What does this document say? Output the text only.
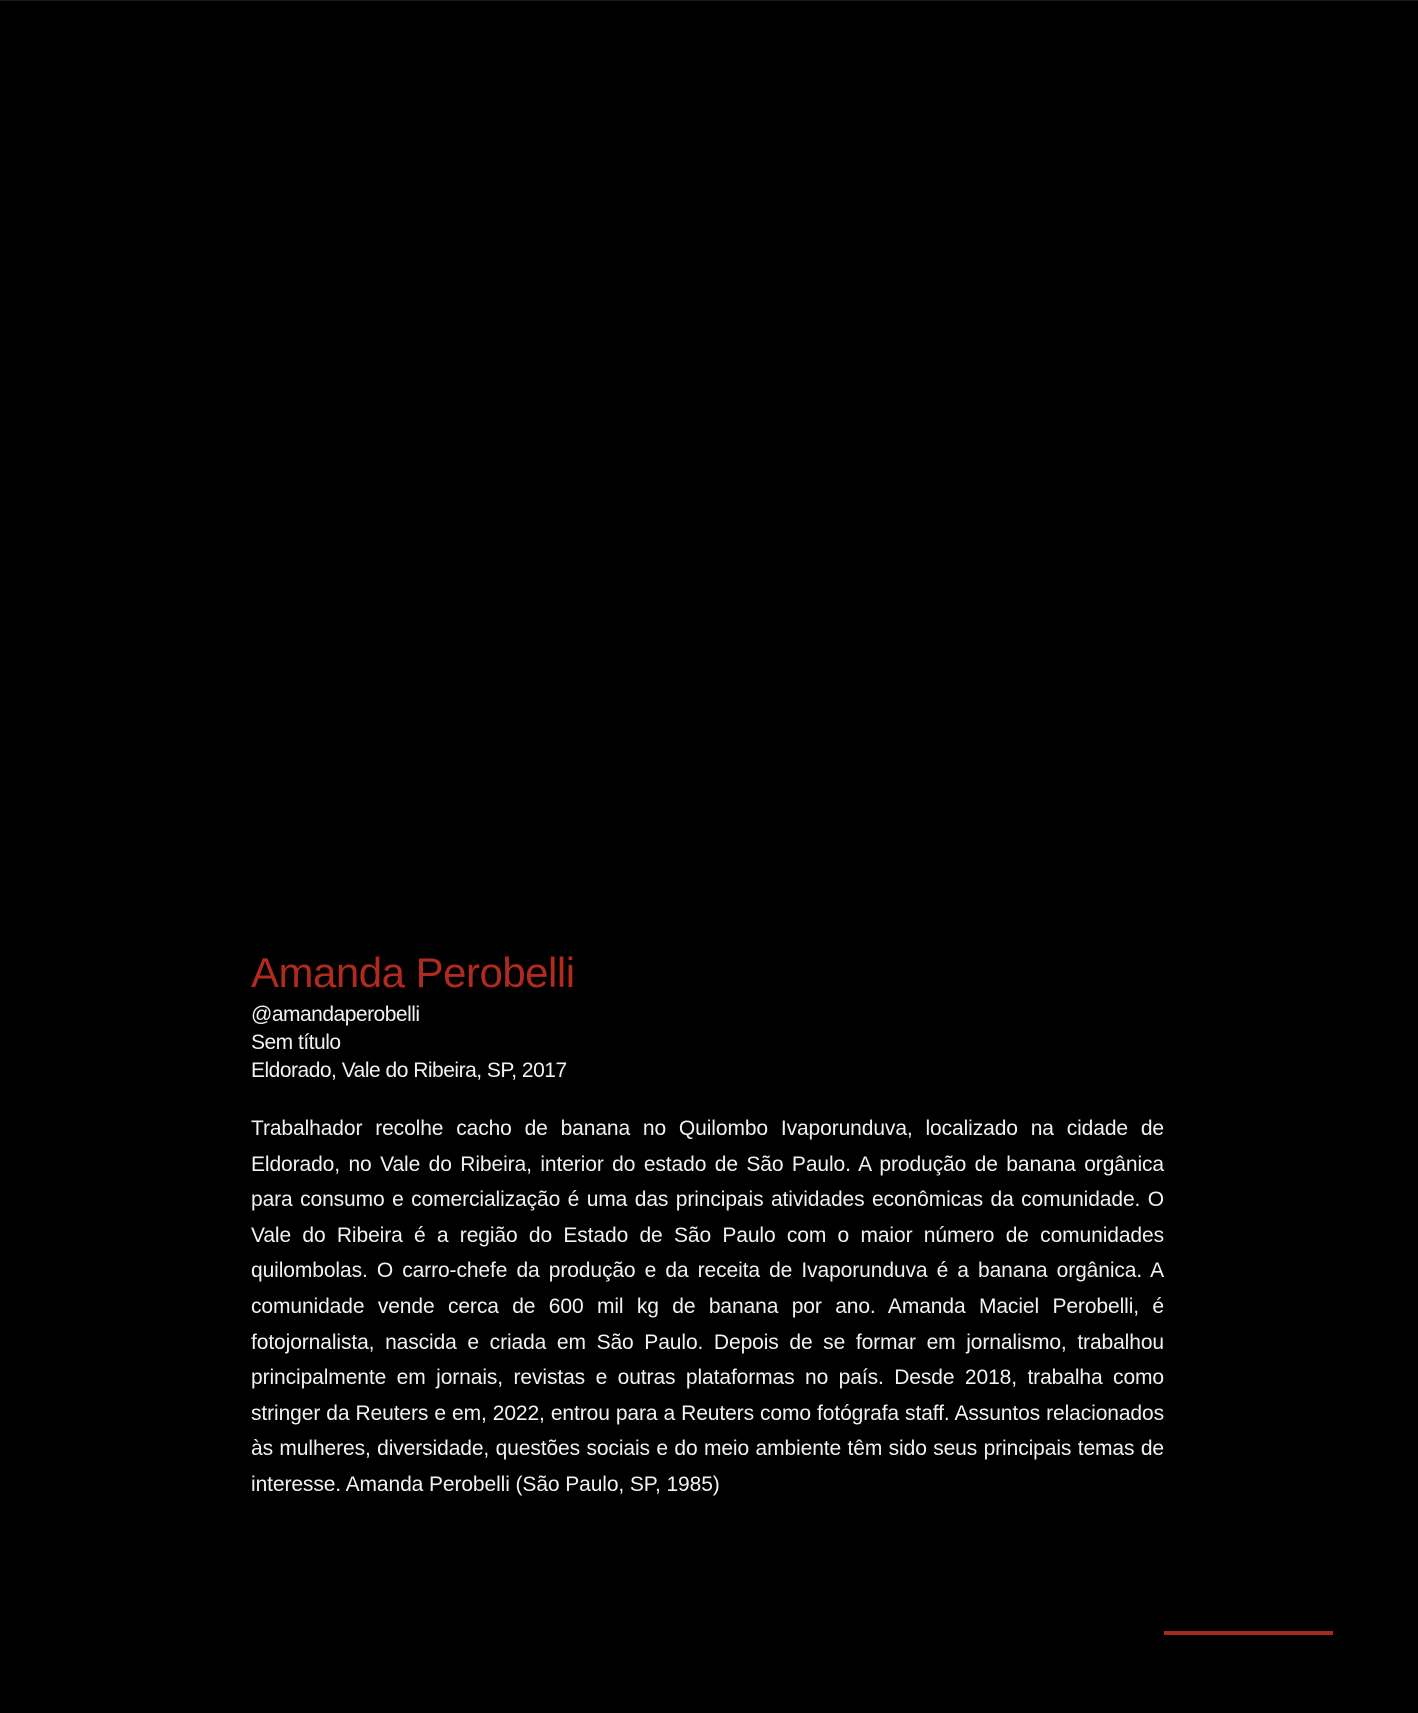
Amanda Perobelli

@amandaperobelli

Sem título

Eldorado, Vale do Ribeira, SP, 2017

Trabalhador recolhe cacho de banana no Quilombo Ivaporunduva, localizado na cidade de Eldorado, no Vale do Ribeira, interior do estado de São Paulo. A produção de banana orgânica para consumo e comercialização é uma das principais atividades econômicas da comunidade. O Vale do Ribeira é a região do Estado de São Paulo com o maior número de comunidades quilombolas. O carro-chefe da produção e da receita de Ivaporunduva é a banana orgânica. A comunidade vende cerca de 600 mil kg de banana por ano. Amanda Maciel Perobelli, é fotojornalista, nascida e criada em São Paulo. Depois de se formar em jornalismo, trabalhou principalmente em jornais, revistas e outras plataformas no país. Desde 2018, trabalha como stringer da Reuters e em, 2022, entrou para a Reuters como fotógrafa staff. Assuntos relacionados às mulheres, diversidade, questões sociais e do meio ambiente têm sido seus principais temas de interesse. Amanda Perobelli (São Paulo, SP, 1985)
